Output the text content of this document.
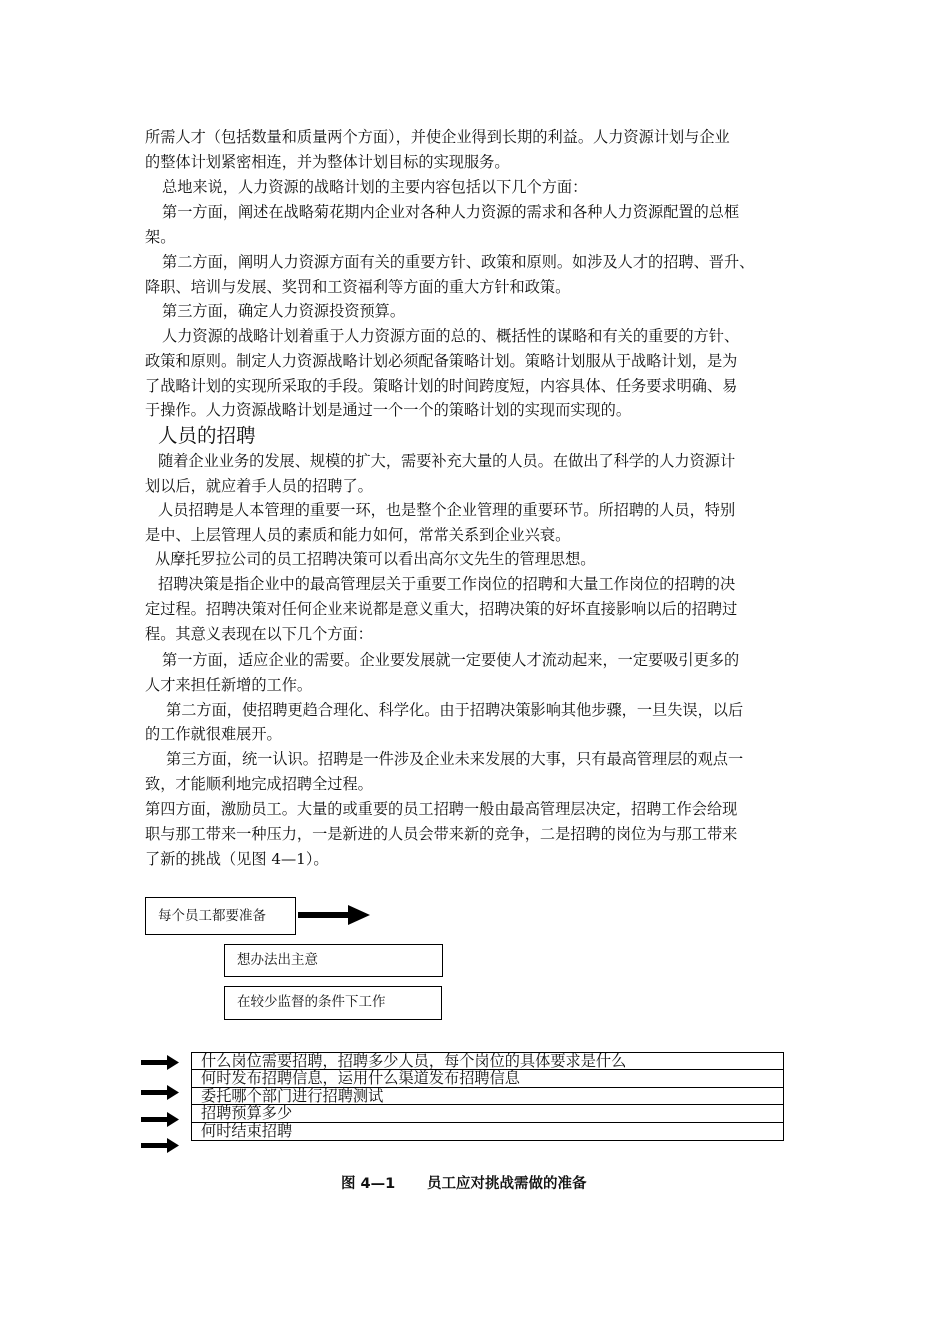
所需人才（包括数量和质量两个方面），并使企业得到长期的利益。人力资源计划与企业
的整体计划紧密相连，并为整体计划目标的实现服务。
总地来说，人力资源的战略计划的主要内容包括以下几个方面：
第一方面，阐述在战略菊花期内企业对各种人力资源的需求和各种人力资源配置的总框
架。
第二方面，阐明人力资源方面有关的重要方针、政策和原则。如涉及人才的招聘、晋升、
降职、培训与发展、奖罚和工资福利等方面的重大方针和政策。
第三方面，确定人力资源投资预算。
人力资源的战略计划着重于人力资源方面的总的、概括性的谋略和有关的重要的方针、
政策和原则。制定人力资源战略计划必须配备策略计划。策略计划服从于战略计划，是为
了战略计划的实现所采取的手段。策略计划的时间跨度短，内容具体、任务要求明确、易
于操作。人力资源战略计划是通过一个一个的策略计划的实现而实现的。
人员的招聘
随着企业业务的发展、规模的扩大，需要补充大量的人员。在做出了科学的人力资源计
划以后，就应着手人员的招聘了。
人员招聘是人本管理的重要一环，也是整个企业管理的重要环节。所招聘的人员，特别
是中、上层管理人员的素质和能力如何，常常关系到企业兴衰。
从摩托罗拉公司的员工招聘决策可以看出高尔文先生的管理思想。
招聘决策是指企业中的最高管理层关于重要工作岗位的招聘和大量工作岗位的招聘的决
定过程。招聘决策对任何企业来说都是意义重大，招聘决策的好坏直接影响以后的招聘过
程。其意义表现在以下几个方面：
第一方面，适应企业的需要。企业要发展就一定要使人才流动起来，一定要吸引更多的
人才来担任新增的工作。
第二方面，使招聘更趋合理化、科学化。由于招聘决策影响其他步骤，一旦失误，以后
的工作就很难展开。
第三方面，统一认识。招聘是一件涉及企业未来发展的大事，只有最高管理层的观点一
致，才能顺利地完成招聘全过程。
第四方面，激励员工。大量的或重要的员工招聘一般由最高管理层决定，招聘工作会给现
职与那工带来一种压力，一是新进的人员会带来新的竞争，二是招聘的岗位为与那工带来
了新的挑战（见图 4—1）。
每个员工都要准备
想办法出主意
在较少监督的条件下工作
什么岗位需要招聘，招聘多少人员，每个岗位的具体要求是什么
何时发布招聘信息，运用什么渠道发布招聘信息
委托哪个部门进行招聘测试
招聘预算多少
何时结束招聘
图 4—1 员工应对挑战需做的准备
